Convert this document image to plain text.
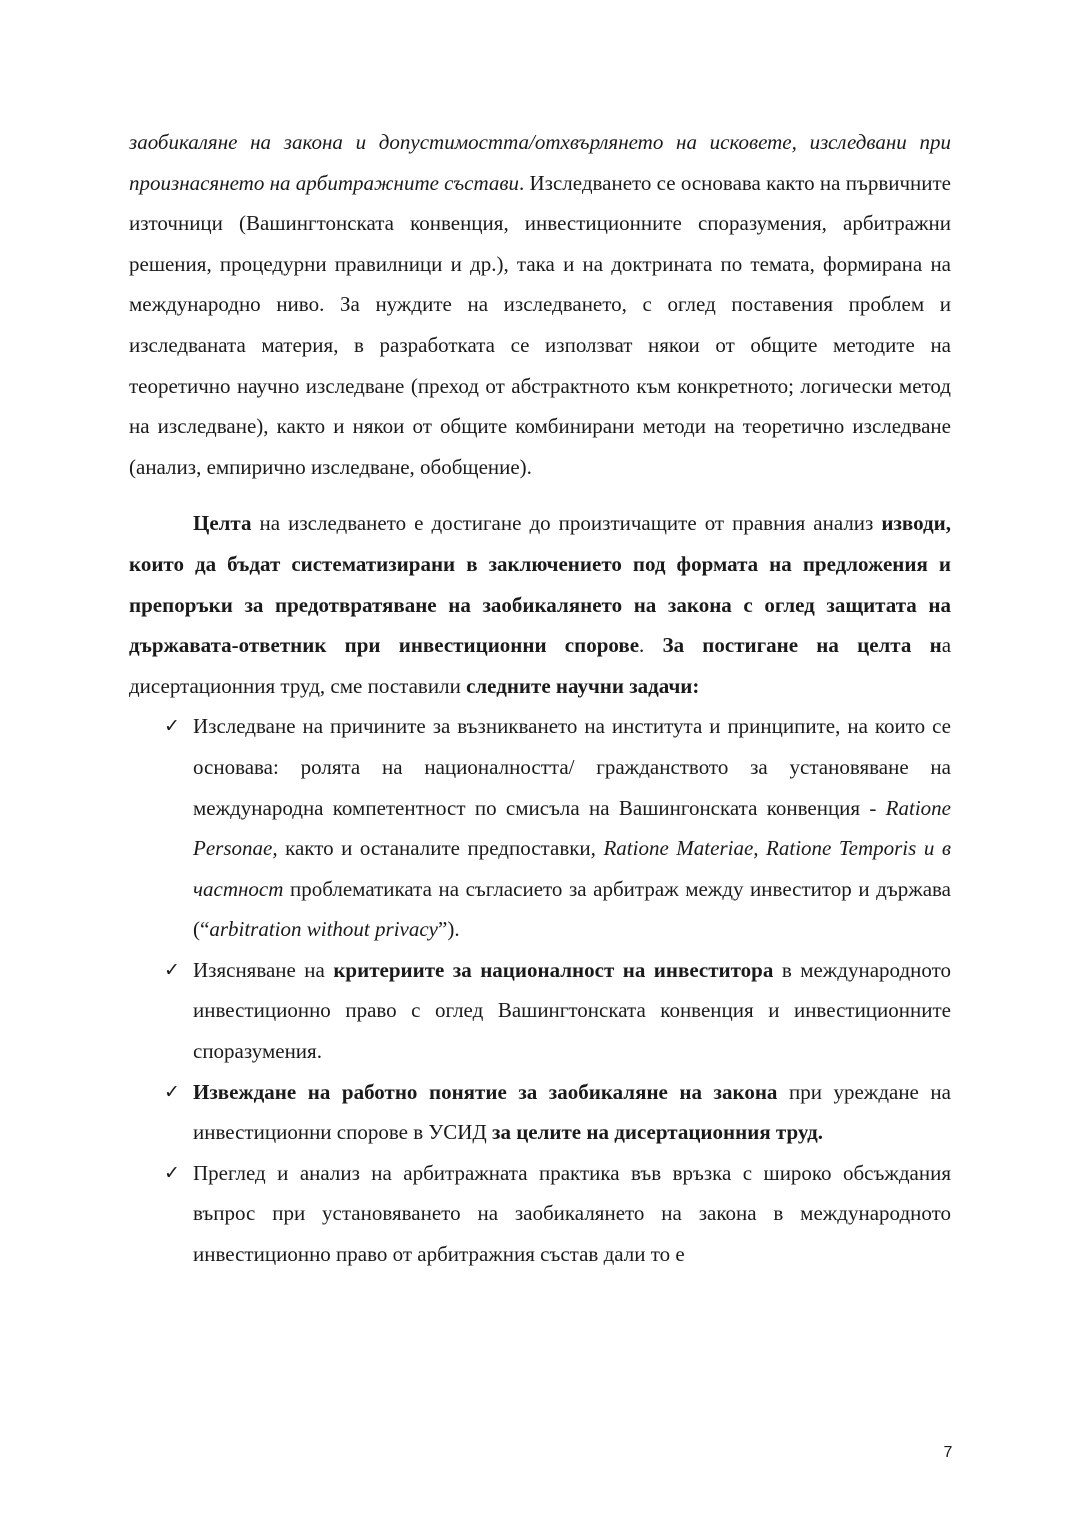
заобикаляне на закона и допустимостта/отхвърлянето на исковете, изследвани при произнасянето на арбитражните състави. Изследването се основава както на първичните източници (Вашингтонската конвенция, инвестиционните споразумения, арбитражни решения, процедурни правилници и др.), така и на доктрината по темата, формирана на международно ниво. За нуждите на изследването, с оглед поставения проблем и изследваната материя, в разработката се използват някои от общите методите на теоретично научно изследване (преход от абстрактното към конкретното; логически метод на изследване), както и някои от общите комбинирани методи на теоретично изследване (анализ, емпирично изследване, обобщение).

Целта на изследването е достигане до произтичащите от правния анализ изводи, които да бъдат систематизирани в заключението под формата на предложения и препоръки за предотвратяване на заобикалянето на закона с оглед защитата на държавата-ответник при инвестиционни спорове. За постигане на целта на дисертационния труд, сме поставили следните научни задачи:

✓ Изследване на причините за възникването на института и принципите, на които се основава: ролята на националността/ гражданството за установяване на международна компетентност по смисъла на Вашингонската конвенция - Ratione Personae, както и останалите предпоставки, Ratione Materiae, Ratione Temporis и в частност проблематиката на съгласието за арбитраж между инвеститор и държава (“arbitration without privacy”).
✓ Изясняване на критериите за националност на инвеститора в международното инвестиционно право с оглед Вашингтонската конвенция и инвестиционните споразумения.
✓ Извеждане на работно понятие за заобикаляне на закона при уреждане на инвестиционни спорове в УСИД за целите на дисертационния труд.
✓ Преглед и анализ на арбитражната практика във връзка с широко обсъждания въпрос при установяването на заобикалянето на закона в международното инвестиционно право от арбитражния състав дали то е
7
